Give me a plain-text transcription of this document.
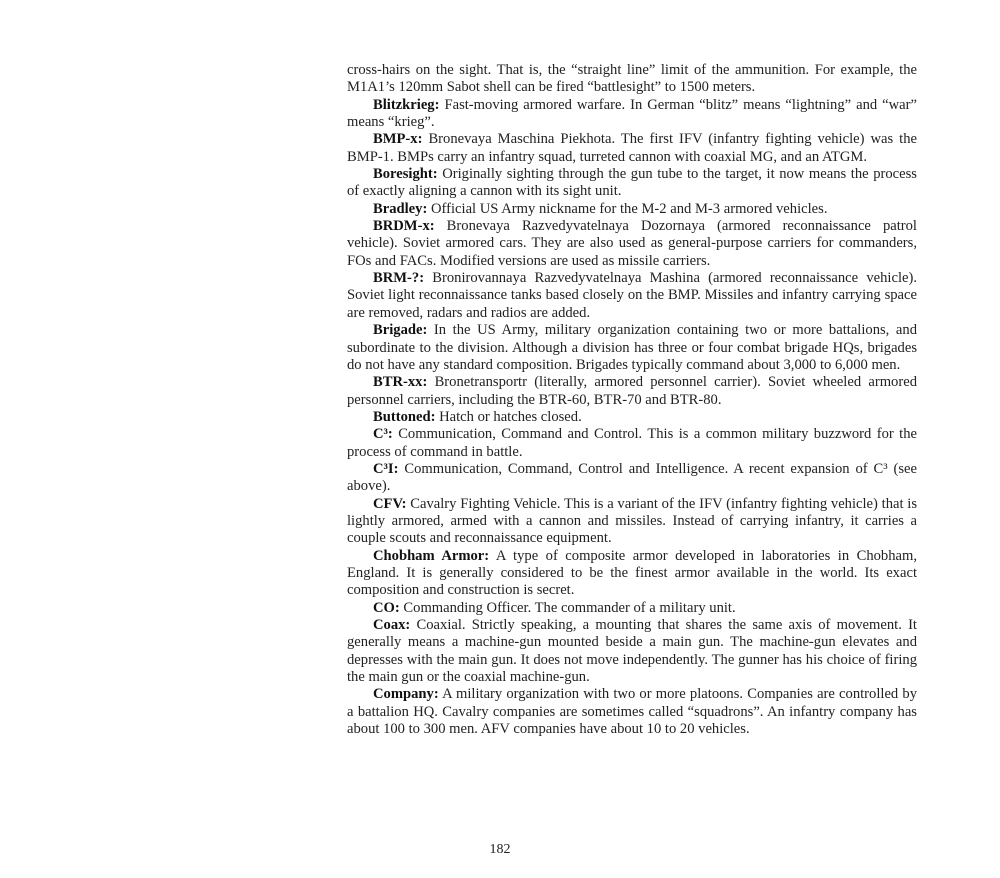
cross-hairs on the sight. That is, the “straight line” limit of the ammunition. For example, the M1A1’s 120mm Sabot shell can be fired “battlesight” to 1500 meters.

Blitzkrieg: Fast-moving armored warfare. In German “blitz” means “lightning” and “war” means “krieg”.

BMP-x: Bronevaya Maschina Piekhota. The first IFV (infantry fighting vehicle) was the BMP-1. BMPs carry an infantry squad, turreted cannon with coaxial MG, and an ATGM.

Boresight: Originally sighting through the gun tube to the target, it now means the process of exactly aligning a cannon with its sight unit.

Bradley: Official US Army nickname for the M-2 and M-3 armored vehicles.

BRDM-x: Bronevaya Razvedyvatelnaya Dozornaya (armored reconnaissance patrol vehicle). Soviet armored cars. They are also used as general-purpose carriers for commanders, FOs and FACs. Modified versions are used as missile carriers.

BRM-?: Bronirovannaya Razvedyvatelnaya Mashina (armored reconnaissance vehicle). Soviet light reconnaissance tanks based closely on the BMP. Missiles and infantry carrying space are removed, radars and radios are added.

Brigade: In the US Army, military organization containing two or more battalions, and subordinate to the division. Although a division has three or four combat brigade HQs, brigades do not have any standard composition. Brigades typically command about 3,000 to 6,000 men.

BTR-xx: Bronetransportr (literally, armored personnel carrier). Soviet wheeled armored personnel carriers, including the BTR-60, BTR-70 and BTR-80.

Buttoned: Hatch or hatches closed.

C³: Communication, Command and Control. This is a common military buzzword for the process of command in battle.

C³I: Communication, Command, Control and Intelligence. A recent expansion of C³ (see above).

CFV: Cavalry Fighting Vehicle. This is a variant of the IFV (infantry fighting vehicle) that is lightly armored, armed with a cannon and missiles. Instead of carrying infantry, it carries a couple scouts and reconnaissance equipment.

Chobham Armor: A type of composite armor developed in laboratories in Chobham, England. It is generally considered to be the finest armor available in the world. Its exact composition and construction is secret.

CO: Commanding Officer. The commander of a military unit.

Coax: Coaxial. Strictly speaking, a mounting that shares the same axis of movement. It generally means a machine-gun mounted beside a main gun. The machine-gun elevates and depresses with the main gun. It does not move independently. The gunner has his choice of firing the main gun or the coaxial machine-gun.

Company: A military organization with two or more platoons. Companies are controlled by a battalion HQ. Cavalry companies are sometimes called “squadrons”. An infantry company has about 100 to 300 men. AFV companies have about 10 to 20 vehicles.

182
